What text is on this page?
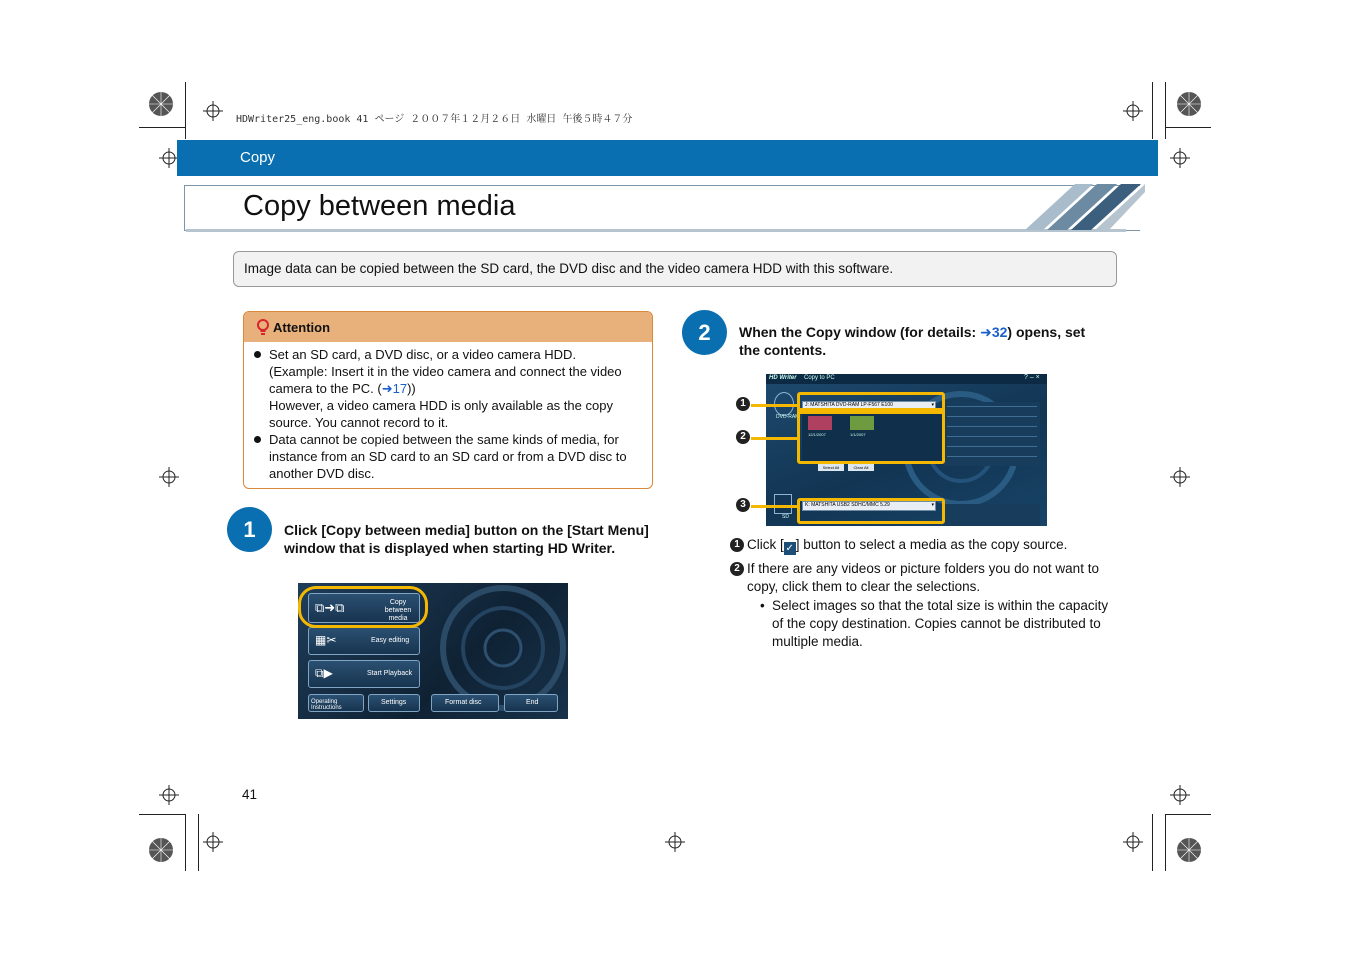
HDWriter25_eng.book 41 ページ ２００７年１２月２６日 水曜日 午後５時４７分
Copy
Copy between media
Image data can be copied between the SD card, the DVD disc and the video camera HDD with this software.
Attention
Set an SD card, a DVD disc, or a video camera HDD.
(Example: Insert it in the video camera and connect the video camera to the PC. (➜17))
However, a video camera HDD is only available as the copy source. You cannot record to it.
Data cannot be copied between the same kinds of media, for instance from an SD card to an SD card or from a DVD disc to another DVD disc.
1	Click [Copy between media] button on the [Start Menu] window that is displayed when starting HD Writer.
⧉➜⧉	Copy
between media
▦✂	Easy editing
⧉▶	Start Playback
Operating Instructions
Settings	Format disc	End
2	When the Copy window (for details: ➜32) opens, set the contents.
HD Writer Copy to PC	? – ×
DVD-RAM
J: MATSHITA DVD-RAM LP-F567 E100	▾
12/1/2007	1/1/2007
Select All	Clear All
SD
K: MATSHITA USB2 SDHC/MMC 5.29	▾
1
2
3
1 Click [ ✓ ] button to select a media as the copy source.
2 If there are any videos or picture folders you do not want to copy, click them to clear the selections.
• Select images so that the total size is within the capacity of the copy destination. Copies cannot be distributed to multiple media.
41
